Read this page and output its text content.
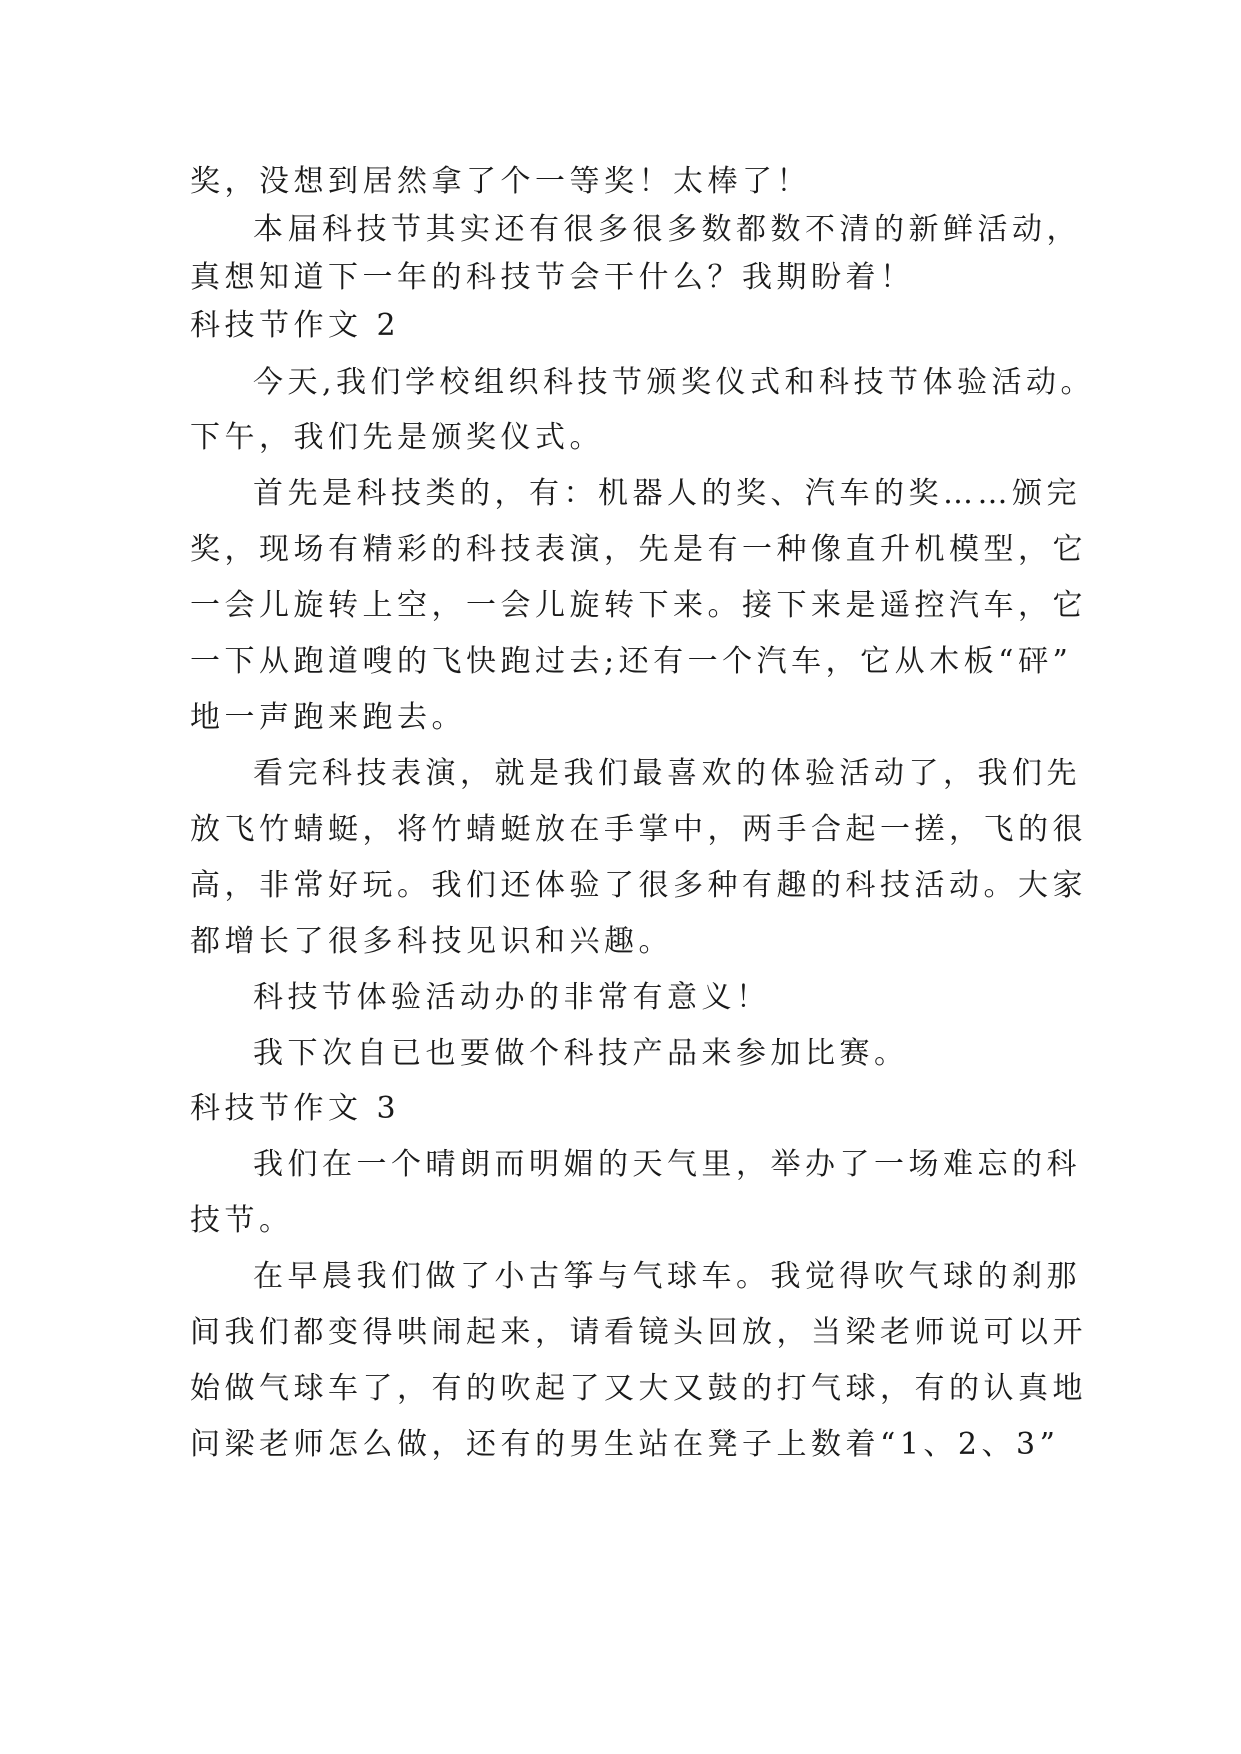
奖，没想到居然拿了个一等奖！太棒了！
本届科技节其实还有很多很多数都数不清的新鲜活动，
真想知道下一年的科技节会干什么？我期盼着！
科技节作文 2
今天,我们学校组织科技节颁奖仪式和科技节体验活动。
下午，我们先是颁奖仪式。
首先是科技类的，有：机器人的奖、汽车的奖……颁完
奖，现场有精彩的科技表演，先是有一种像直升机模型，它
一会儿旋转上空，一会儿旋转下来。接下来是遥控汽车，它
一下从跑道嗖的飞快跑过去;还有一个汽车，它从木板“砰”
地一声跑来跑去。
看完科技表演，就是我们最喜欢的体验活动了，我们先
放飞竹蜻蜓，将竹蜻蜓放在手掌中，两手合起一搓，飞的很
高，非常好玩。我们还体验了很多种有趣的科技活动。大家
都增长了很多科技见识和兴趣。
科技节体验活动办的非常有意义！
我下次自已也要做个科技产品来参加比赛。
科技节作文 3
我们在一个晴朗而明媚的天气里，举办了一场难忘的科
技节。
在早晨我们做了小古筝与气球车。我觉得吹气球的刹那
间我们都变得哄闹起来，请看镜头回放，当梁老师说可以开
始做气球车了，有的吹起了又大又鼓的打气球，有的认真地
问梁老师怎么做，还有的男生站在凳子上数着“1、2、3”
